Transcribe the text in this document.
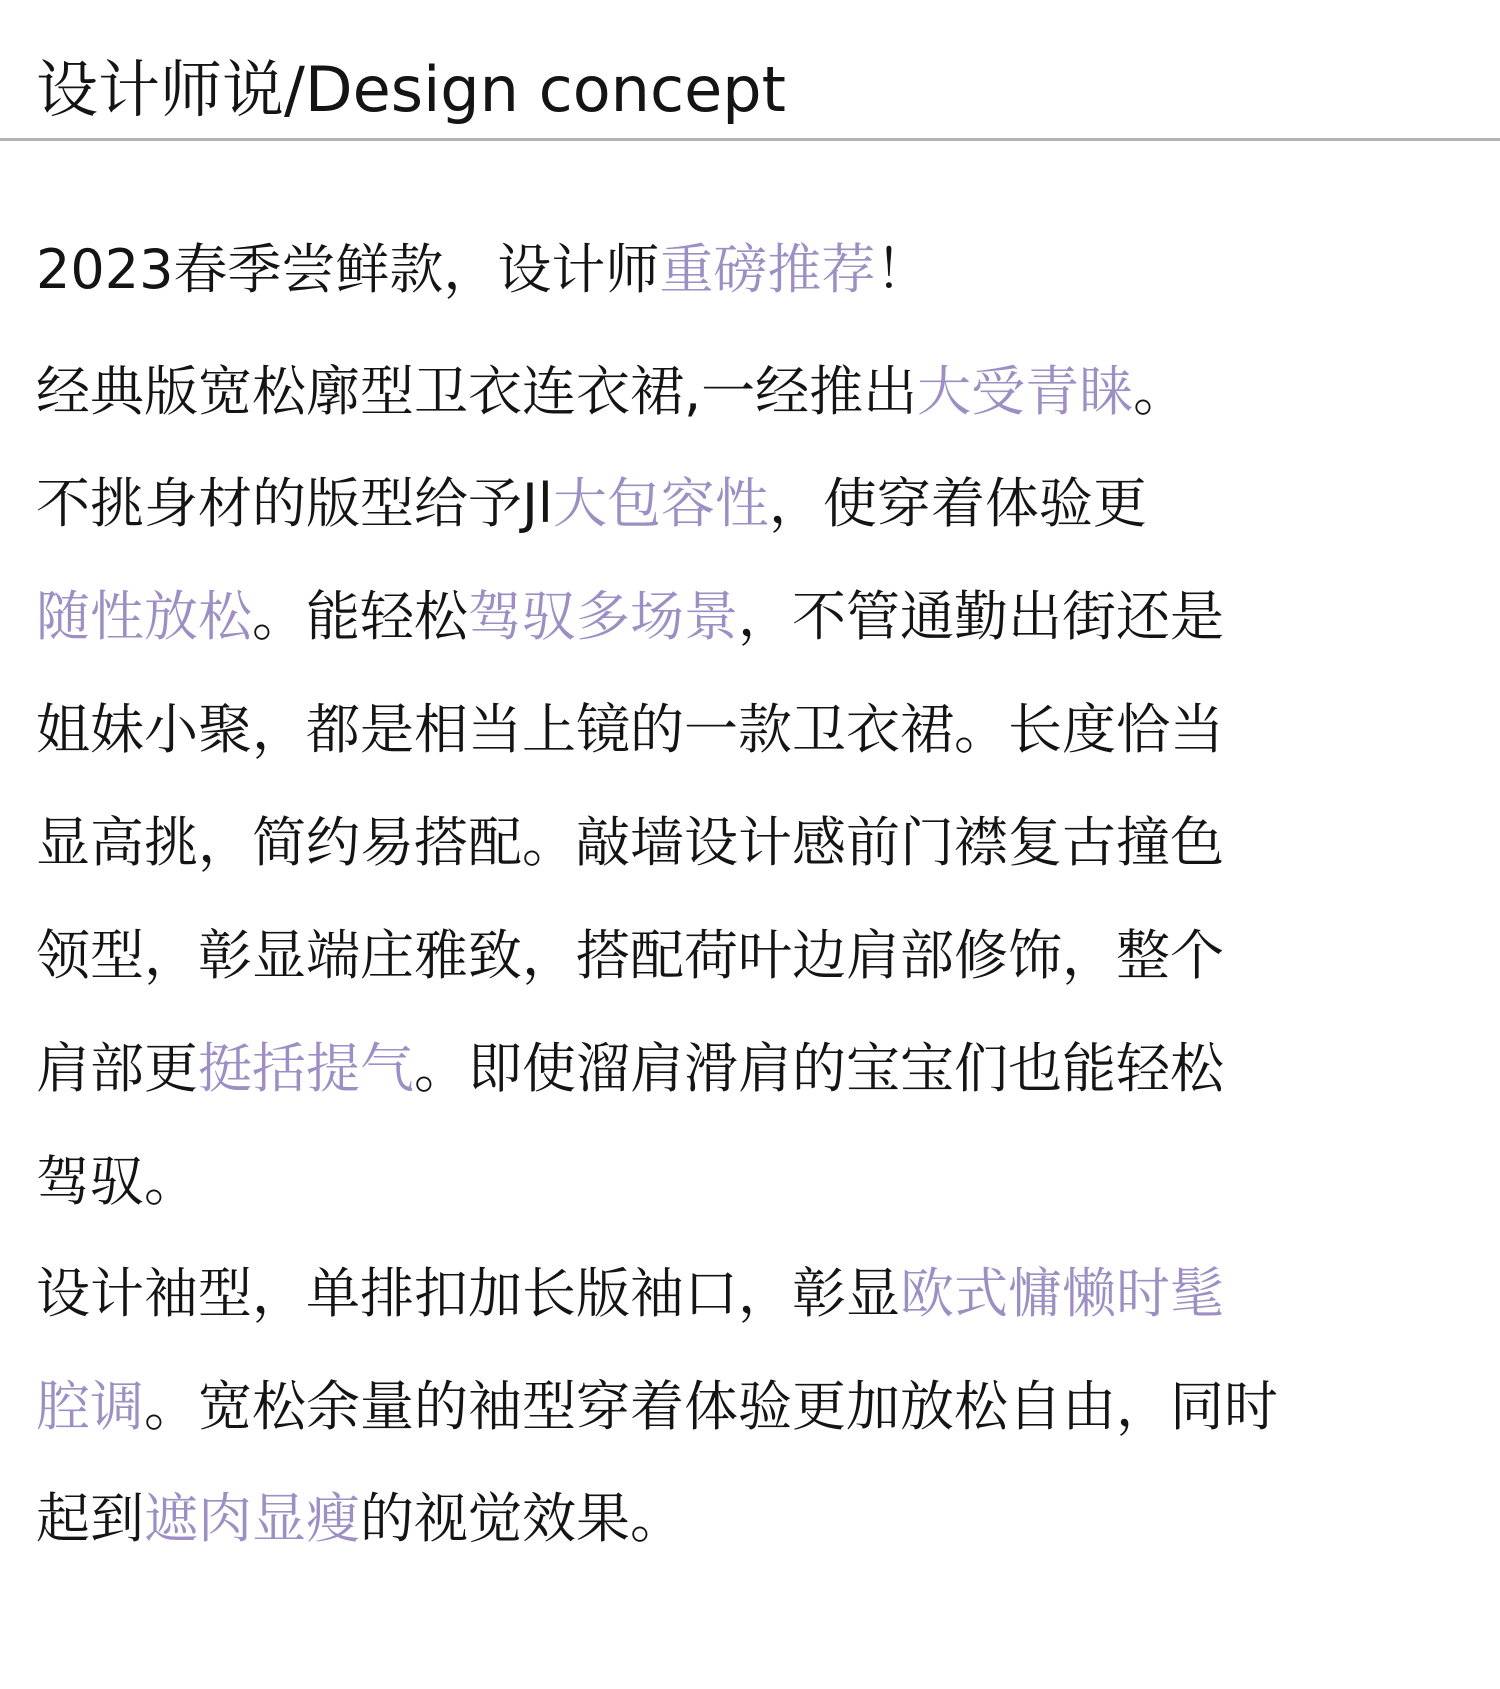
设计师说/Design concept
2023春季尝鲜款，设计师重磅推荐！
经典版宽松廓型卫衣连衣裙,一经推出大受青睐。
不挑身材的版型给予Jl大包容性，使穿着体验更
随性放松。能轻松驾驭多场景，不管通勤出街还是
姐妹小聚，都是相当上镜的一款卫衣裙。长度恰当
显高挑，简约易搭配。敲墙设计感前门襟复古撞色
领型，彰显端庄雅致，搭配荷叶边肩部修饰，整个
肩部更挺括提气。即使溜肩滑肩的宝宝们也能轻松
驾驭。
设计袖型，单排扣加长版袖口，彰显欧式慵懒时髦
腔调。宽松余量的袖型穿着体验更加放松自由，同时
起到遮肉显瘦的视觉效果。
